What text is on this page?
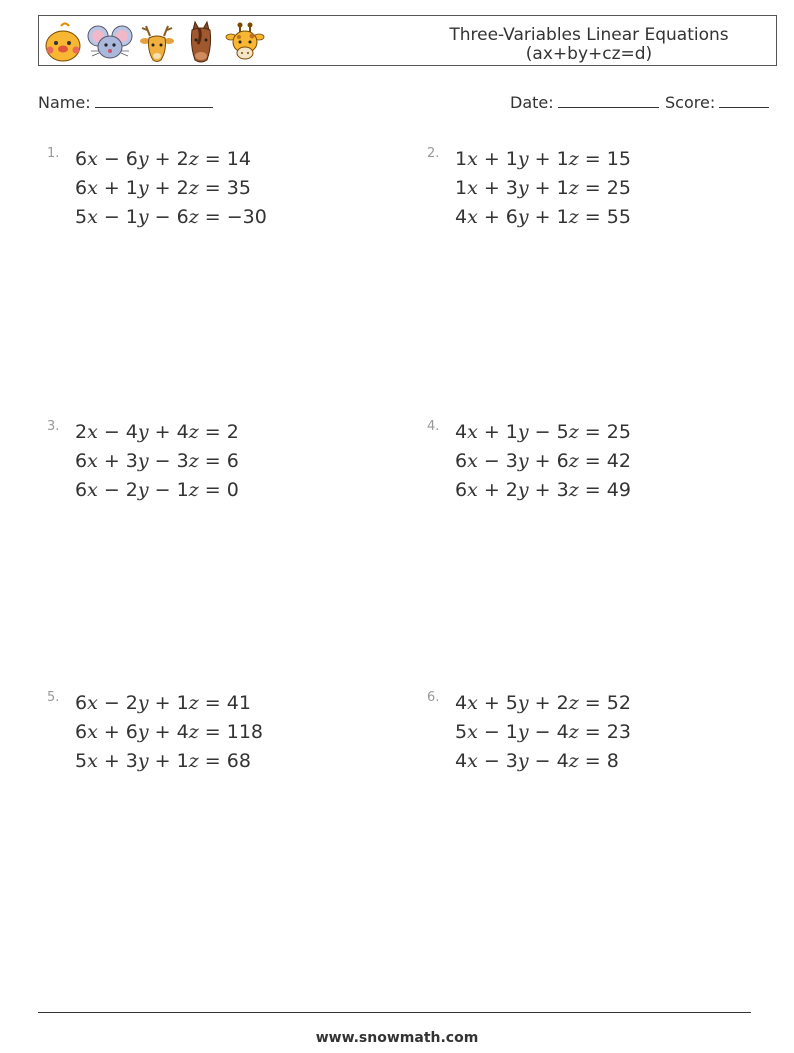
Three-Variables Linear Equations
(ax+by+cz=d)
Name:	Date:	Score:
1. 6x − 6y + 2z = 14
6x + 1y + 2z = 35
5x − 1y − 6z = −30
2. 1x + 1y + 1z = 15
1x + 3y + 1z = 25
4x + 6y + 1z = 55
3. 2x − 4y + 4z = 2
6x + 3y − 3z = 6
6x − 2y − 1z = 0
4. 4x + 1y − 5z = 25
6x − 3y + 6z = 42
6x + 2y + 3z = 49
5. 6x − 2y + 1z = 41
6x + 6y + 4z = 118
5x + 3y + 1z = 68
6. 4x + 5y + 2z = 52
5x − 1y − 4z = 23
4x − 3y − 4z = 8
www.snowmath.com
